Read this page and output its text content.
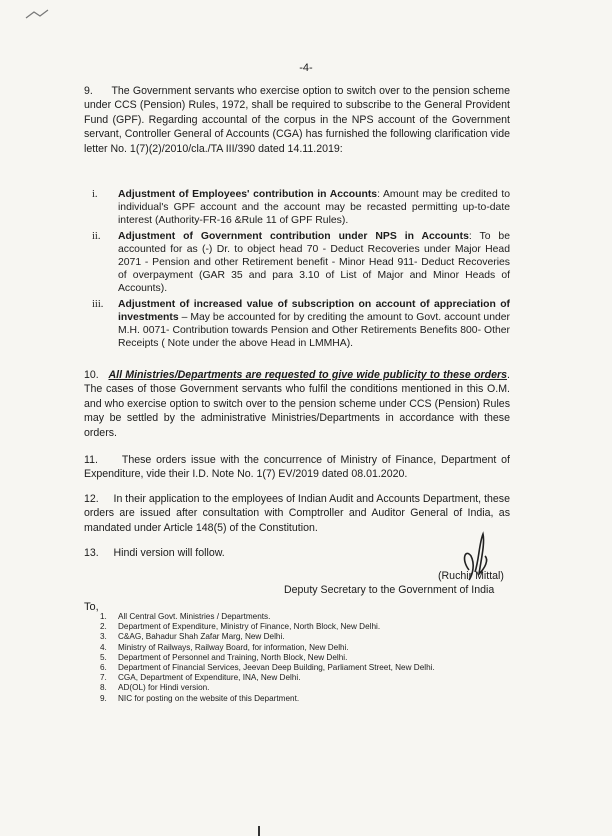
-4-

9.      The Government servants who exercise option to switch over to the pension scheme under CCS (Pension) Rules, 1972, shall be required to subscribe to the General Provident Fund (GPF). Regarding accountal of the corpus in the NPS account of the Government servant, Controller General of Accounts (CGA) has furnished the following clarification vide letter No. 1(7)(2)/2010/cla./TA III/390 dated 14.11.2019:

i. Adjustment of Employees' contribution in Accounts: Amount may be credited to individual's GPF account and the account may be recasted permitting up-to-date interest (Authority-FR-16 &Rule 11 of GPF Rules).
ii. Adjustment of Government contribution under NPS in Accounts: To be accounted for as (-) Dr. to object head 70 - Deduct Recoveries under Major Head 2071 - Pension and other Retirement benefit - Minor Head 911- Deduct Recoveries of overpayment (GAR 35 and para 3.10 of List of Major and Minor Heads of Accounts).
iii. Adjustment of increased value of subscription on account of appreciation of investments – May be accounted for by crediting the amount to Govt. account under M.H. 0071- Contribution towards Pension and Other Retirements Benefits 800- Other Receipts ( Note under the above Head in LMMHA).

10. All Ministries/Departments are requested to give wide publicity to these orders. The cases of those Government servants who fulfil the conditions mentioned in this O.M. and who exercise option to switch over to the pension scheme under CCS (Pension) Rules may be settled by the administrative Ministries/Departments in accordance with these orders.

11.     These orders issue with the concurrence of Ministry of Finance, Department of Expenditure, vide their I.D. Note No. 1(7) EV/2019 dated 08.01.2020.

12.     In their application to the employees of Indian Audit and Accounts Department, these orders are issued after consultation with Comptroller and Auditor General of India, as mandated under Article 148(5) of the Constitution.

13.     Hindi version will follow.

(Ruchir Mittal)
Deputy Secretary to the Government of India
To,
1.	All Central Govt. Ministries / Departments.
2.	Department of Expenditure, Ministry of Finance, North Block, New Delhi.
3.	C&AG, Bahadur Shah Zafar Marg, New Delhi.
4.	Ministry of Railways, Railway Board, for information, New Delhi.
5.	Department of Personnel and Training, North Block, New Delhi.
6.	Department of Financial Services, Jeevan Deep Building, Parliament Street, New Delhi.
7.	CGA, Department of Expenditure, INA, New Delhi.
8.	AD(OL) for Hindi version.
9.	NIC for posting on the website of this Department.
